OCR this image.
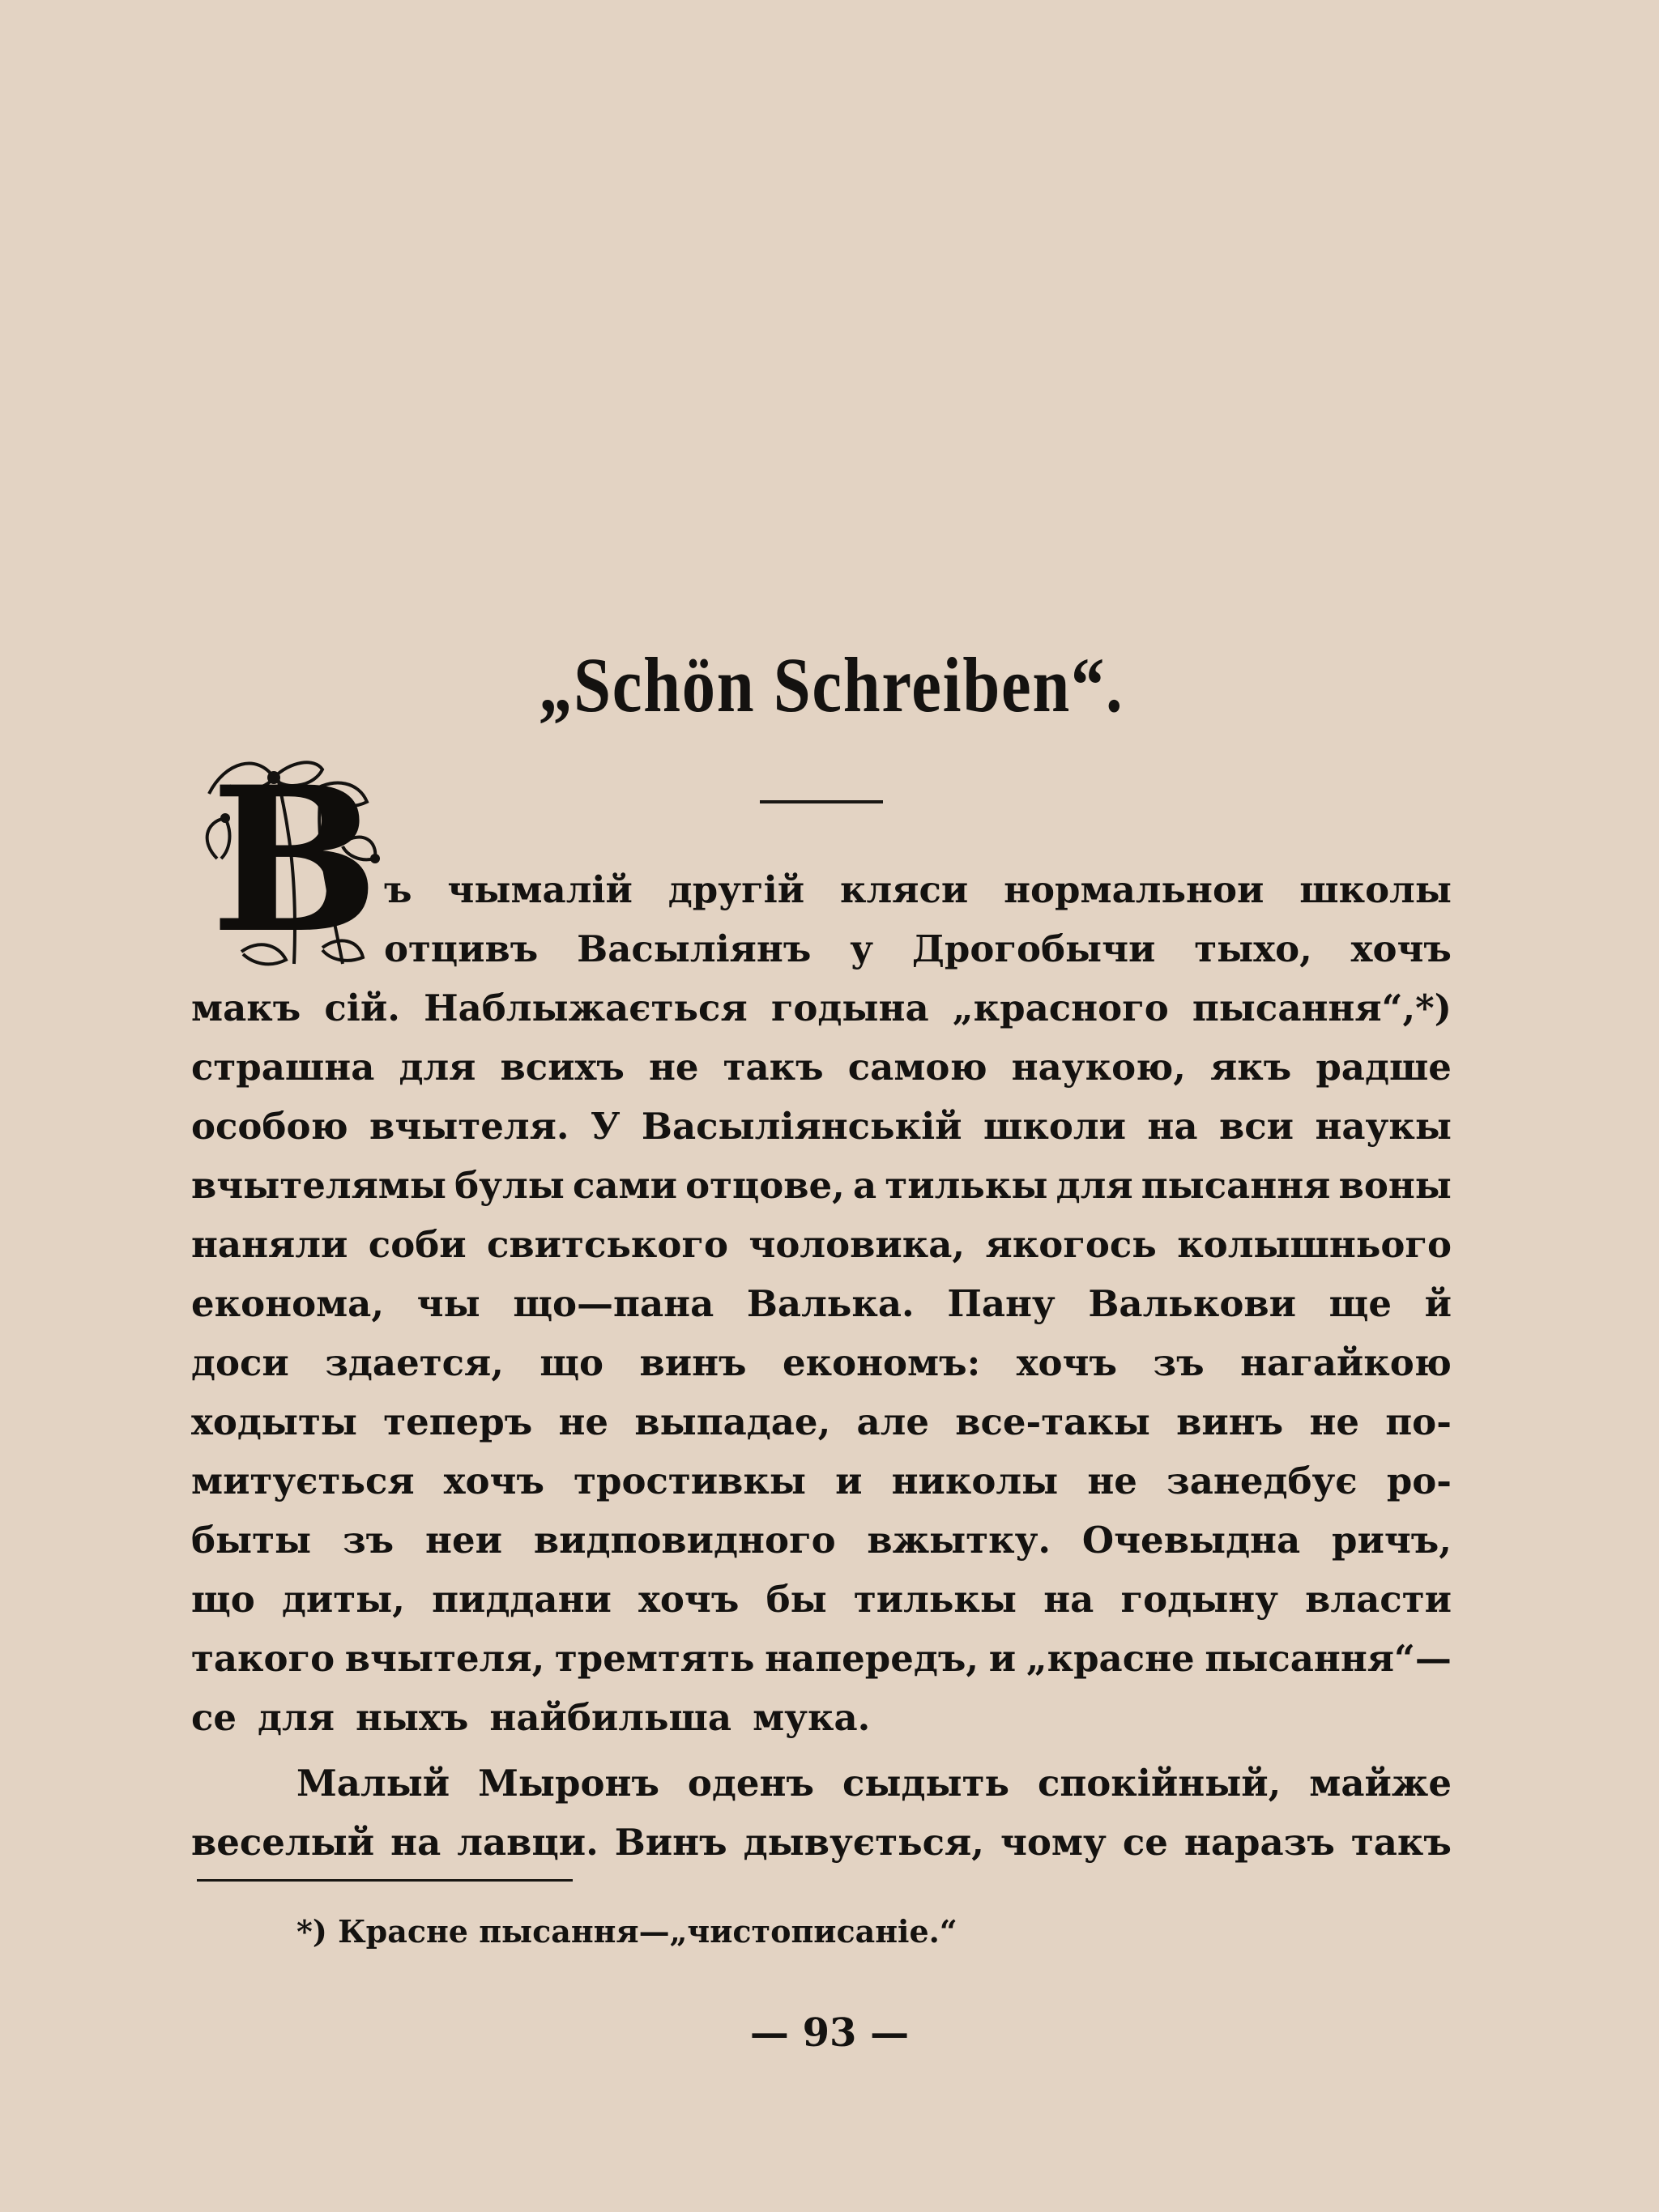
„Schön Schreiben“.
В ъ чымалій другій кляси нормальнои школы
отцивъ Васыліянъ у Дрогобычи тыхо, хочъ
макъ сій. Наблыжається годына „красного пысання“,*)
страшна для всихъ не такъ самою наукою, якъ радше
особою вчытеля. У Васыліянській школи на вси наукы
вчытелямы булы сами отцове, а тилькы для пысання воны
наняли соби свитського чоловика, якогось колышнього
економа, чы що—пана Валька. Пану Валькови ще й
доси здается, що винъ економъ: хочъ зъ нагайкою
ходыты теперъ не выпадае, але все-такы винъ не по-
митується хочъ тростивкы и николы не занедбує ро-
быты зъ неи видповидного вжытку. Очевыдна ричъ,
що диты, пиддани хочъ бы тилькы на годыну власти
такого вчытеля, тремтять напередъ, и „красне пысання“—
се для ныхъ найбильша мука.
Малый Мыронъ оденъ сыдыть спокійный, майже
веселый на лавци. Винъ дывується, чому се наразъ такъ
*) Красне пысання—„чистописаніе.“
— 93 —
